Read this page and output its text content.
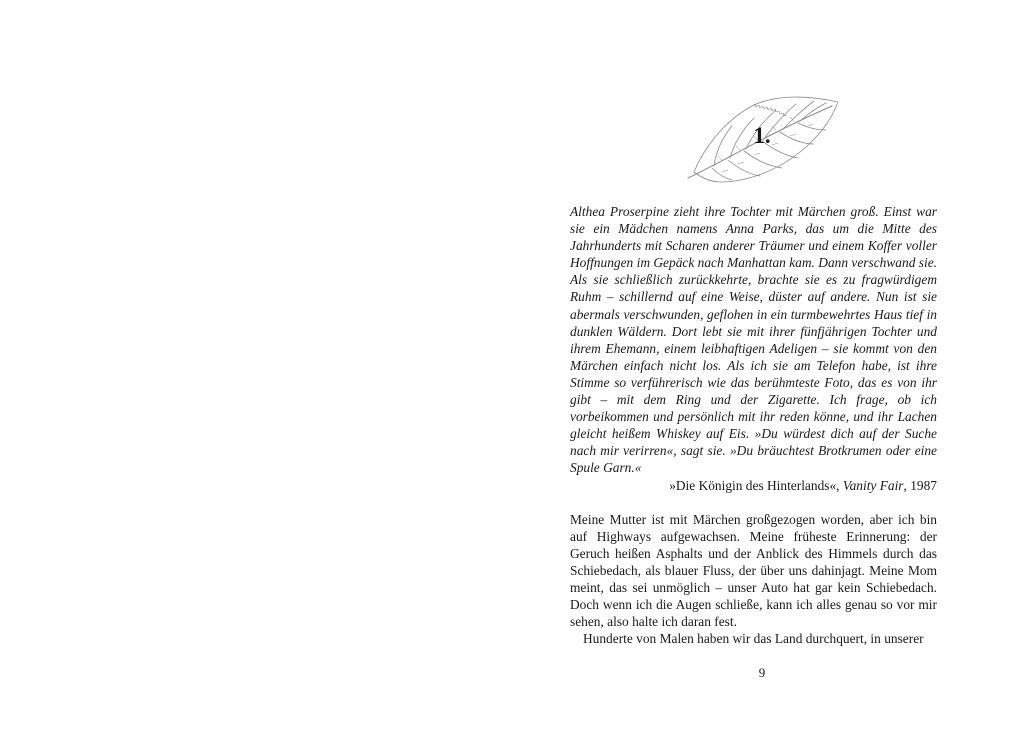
1.

Althea Proserpine zieht ihre Tochter mit Märchen groß. Einst war sie ein Mädchen namens Anna Parks, das um die Mitte des Jahrhunderts mit Scharen anderer Träumer und einem Koffer voller Hoffnungen im Gepäck nach Manhattan kam. Dann verschwand sie. Als sie schließlich zurückkehrte, brachte sie es zu fragwürdigem Ruhm – schillernd auf eine Weise, düster auf andere. Nun ist sie abermals verschwunden, geflohen in ein turmbewehrtes Haus tief in dunklen Wäldern. Dort lebt sie mit ihrer fünfjährigen Tochter und ihrem Ehemann, einem leibhaftigen Adeligen – sie kommt von den Märchen einfach nicht los. Als ich sie am Telefon habe, ist ihre Stimme so verführerisch wie das berühmteste Foto, das es von ihr gibt – mit dem Ring und der Zigarette. Ich frage, ob ich vorbeikommen und persönlich mit ihr reden könne, und ihr Lachen gleicht heißem Whiskey auf Eis. »Du würdest dich auf der Suche nach mir verirren«, sagt sie. »Du bräuchtest Brotkrumen oder eine Spule Garn.«

»Die Königin des Hinterlands«, Vanity Fair, 1987

Meine Mutter ist mit Märchen großgezogen worden, aber ich bin auf Highways aufgewachsen. Meine früheste Erinnerung: der Geruch heißen Asphalts und der Anblick des Himmels durch das Schiebedach, als blauer Fluss, der über uns dahinjagt. Meine Mom meint, das sei unmöglich – unser Auto hat gar kein Schiebedach. Doch wenn ich die Augen schließe, kann ich alles genau so vor mir sehen, also halte ich daran fest.

Hunderte von Malen haben wir das Land durchquert, in unserer

9
